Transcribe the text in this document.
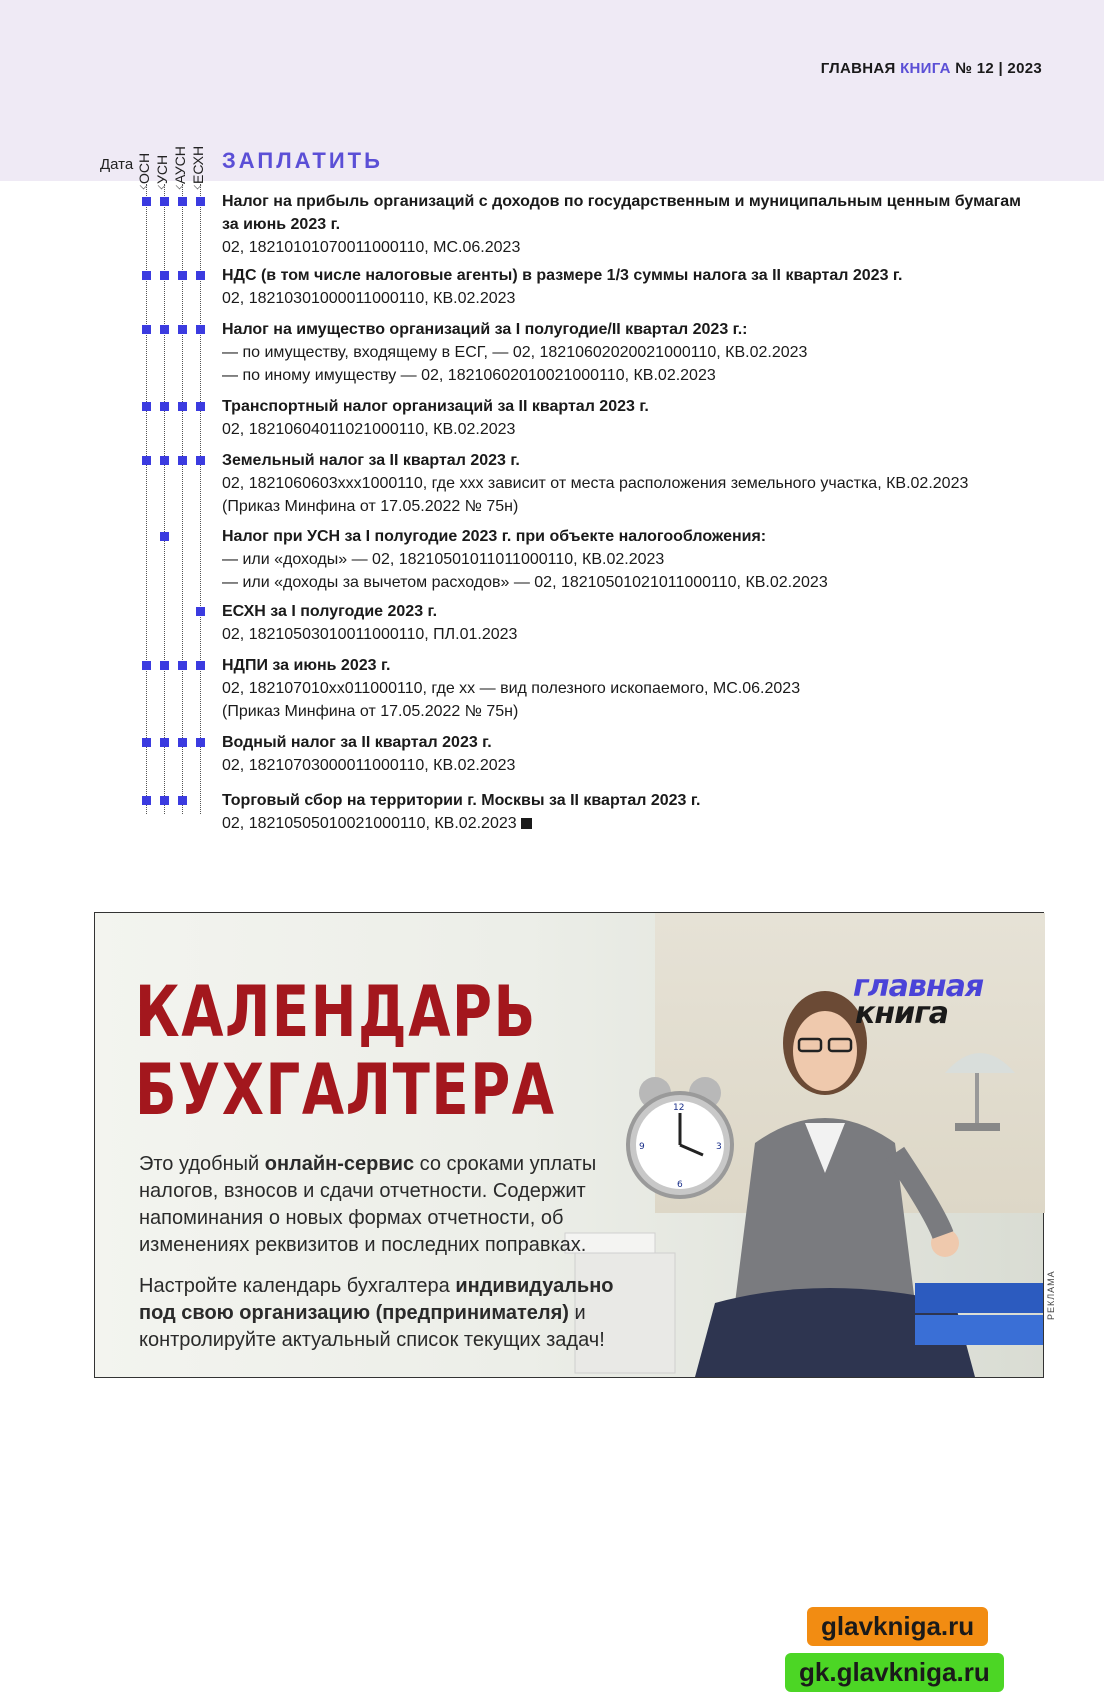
ГЛАВНАЯ КНИГА № 12 | 2023
Дата ОСН УСН АУСН ЕСХН ЗАПЛАТИТЬ
Налог на прибыль организаций с доходов по государственным и муниципальным ценным бумагам за июнь 2023 г.
02, 18210101070011000110, МС.06.2023
НДС (в том числе налоговые агенты) в размере 1/3 суммы налога за II квартал 2023 г.
02, 18210301000011000110, КВ.02.2023
Налог на имущество организаций за I полугодие/II квартал 2023 г.:
— по имуществу, входящему в ЕСГ, — 02, 18210602020021000110, КВ.02.2023
— по иному имуществу — 02, 18210602010021000110, КВ.02.2023
Транспортный налог организаций за II квартал 2023 г.
02, 18210604011021000110, КВ.02.2023
Земельный налог за II квартал 2023 г.
02, 1821060603xxx1000110, где xxx зависит от места расположения земельного участка, КВ.02.2023
(Приказ Минфина от 17.05.2022 № 75н)
Налог при УСН за I полугодие 2023 г. при объекте налогообложения:
— или «доходы» — 02, 18210501011011000110, КВ.02.2023
— или «доходы за вычетом расходов» — 02, 18210501021011000110, КВ.02.2023
ЕСХН за I полугодие 2023 г.
02, 18210503010011000110, ПЛ.01.2023
НДПИ за июнь 2023 г.
02, 182107010xx011000110, где xx — вид полезного ископаемого, МС.06.2023
(Приказ Минфина от 17.05.2022 № 75н)
Водный налог за II квартал 2023 г.
02, 18210703000011000110, КВ.02.2023
Торговый сбор на территории г. Москвы за II квартал 2023 г.
02, 18210505010021000110, КВ.02.2023
12
3
6
9
КАЛЕНДАРЬ
БУХГАЛТЕРА
главная
книга

Это удобный онлайн-сервис со сроками уплаты налогов, взносов и сдачи отчетности. Содержит напоминания о новых формах отчетности, об изменениях реквизитов и последних поправках.

Настройте календарь бухгалтера индивидуально под свою организацию (предпринимателя) и контролируйте актуальный список текущих задач!

glavkniga.ru
gk.glavkniga.ru
РЕКЛАМА
